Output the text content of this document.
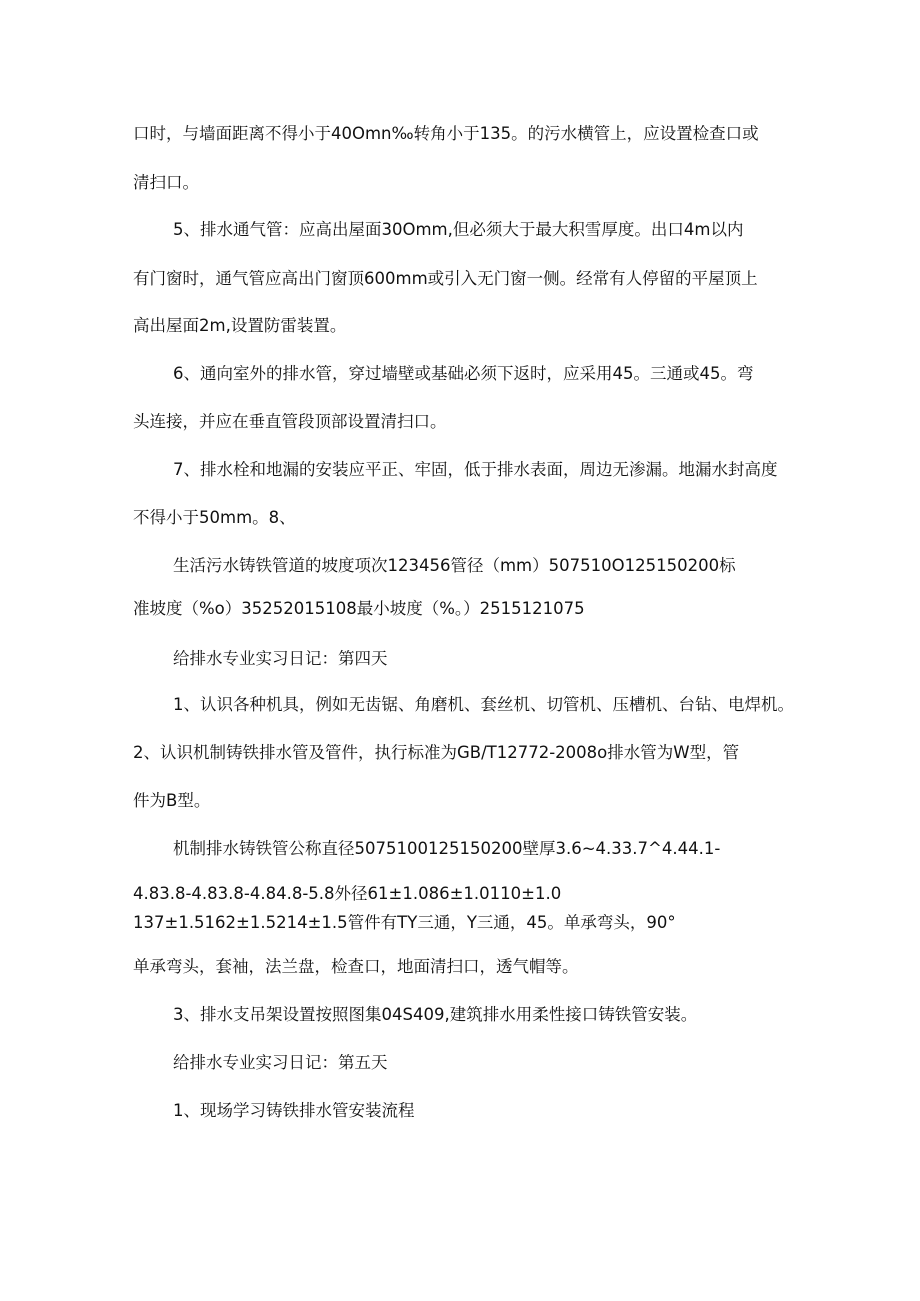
口时，与墙面距离不得小于40Omn‰转角小于135。的污水横管上，应设置检查口或
清扫口。
5、排水通气管：应高出屋面30Omm,但必须大于最大积雪厚度。出口4m以内
有门窗时，通气管应高出门窗顶600mm或引入无门窗一侧。经常有人停留的平屋顶上
高出屋面2m,设置防雷装置。
6、通向室外的排水管，穿过墙壁或基础必须下返时，应采用45。三通或45。弯
头连接，并应在垂直管段顶部设置清扫口。
7、排水栓和地漏的安装应平正、牢固，低于排水表面，周边无渗漏。地漏水封高度
不得小于50mm。8、
生活污水铸铁管道的坡度项次123456管径（mm）507510O125150200标
准坡度（%o）35252015108最小坡度（%。）2515121075
给排水专业实习日记：第四天
1、认识各种机具，例如无齿锯、角磨机、套丝机、切管机、压槽机、台钻、电焊机。
2、认识机制铸铁排水管及管件，执行标准为GB/T12772-2008o排水管为W型，管
件为B型。
机制排水铸铁管公称直径5075100125150200壁厚3.6~4.33.7^4.44.1-
4.83.8-4.83.8-4.84.8-5.8外径61±1.086±1.0110±1.0
137±1.5162±1.5214±1.5管件有TY三通，Y三通，45。单承弯头，90°
单承弯头，套袖，法兰盘，检查口，地面清扫口，透气帽等。
3、排水支吊架设置按照图集04S409,建筑排水用柔性接口铸铁管安装。
给排水专业实习日记：第五天
1、现场学习铸铁排水管安装流程
